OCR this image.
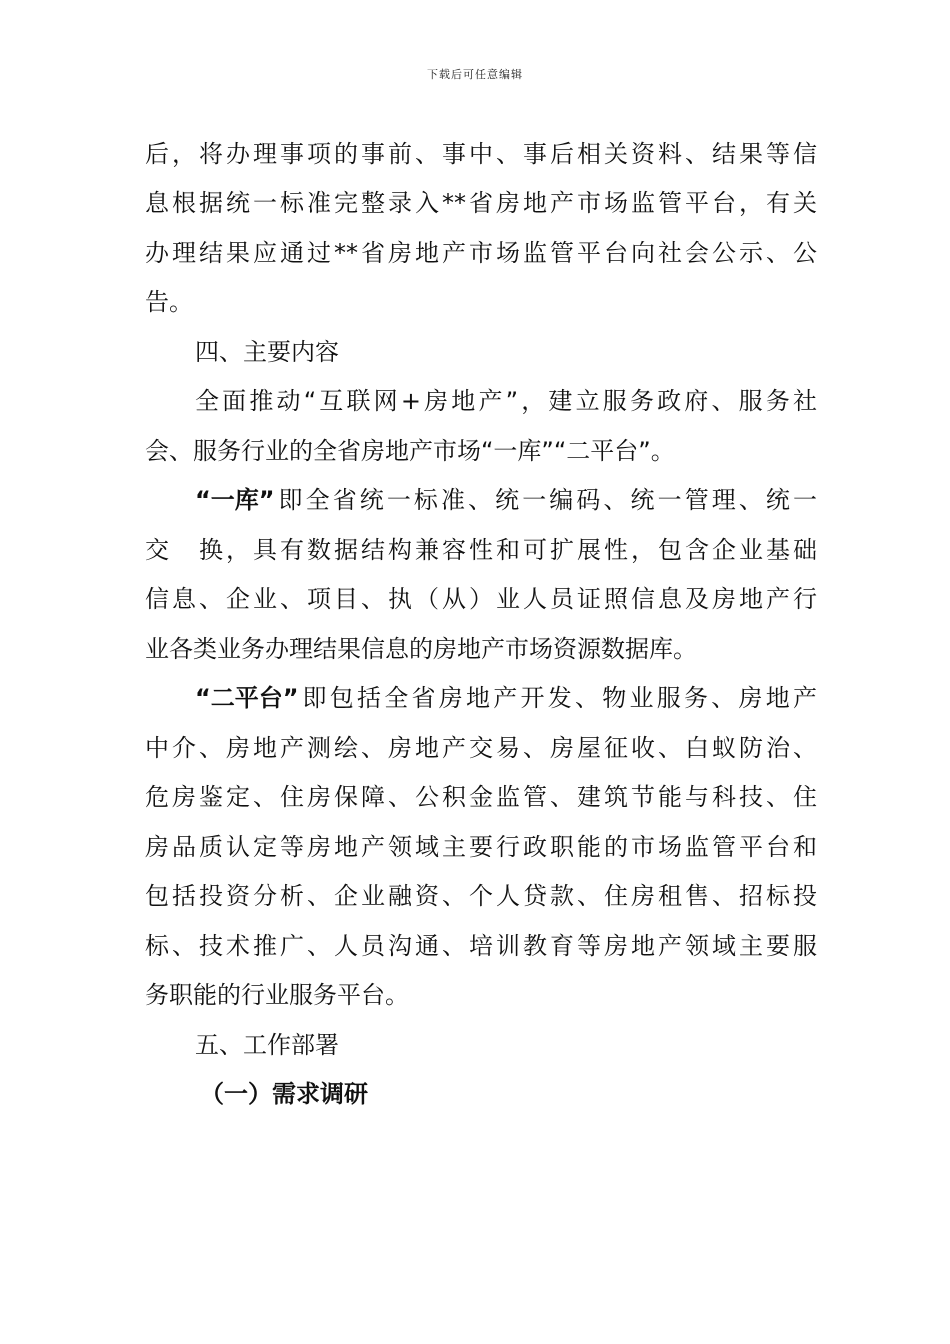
下载后可任意编辑
后，将办理事项的事前、事中、事后相关资料、结果等信
息根据统一标准完整录入**省房地产市场监管平台，有关
办理结果应通过**省房地产市场监管平台向社会公示、公
告。
四、主要内容
全面推动“互联网+房地产”，建立服务政府、服务社
会、服务行业的全省房地产市场“一库”“二平台”。
“一库” 即全省统一标准、统一编码、统一管理、统一
交　换，具有数据结构兼容性和可扩展性，包含企业基础
信息、企业、项目、执（从）业人员证照信息及房地产行
业各类业务办理结果信息的房地产市场资源数据库。
“二平台” 即包括全省房地产开发、物业服务、房地产
中介、房地产测绘、房地产交易、房屋征收、白蚁防治、
危房鉴定、住房保障、公积金监管、建筑节能与科技、住
房品质认定等房地产领域主要行政职能的市场监管平台和
包括投资分析、企业融资、个人贷款、住房租售、招标投
标、技术推广、人员沟通、培训教育等房地产领域主要服
务职能的行业服务平台。
五、工作部署
（一）需求调研
